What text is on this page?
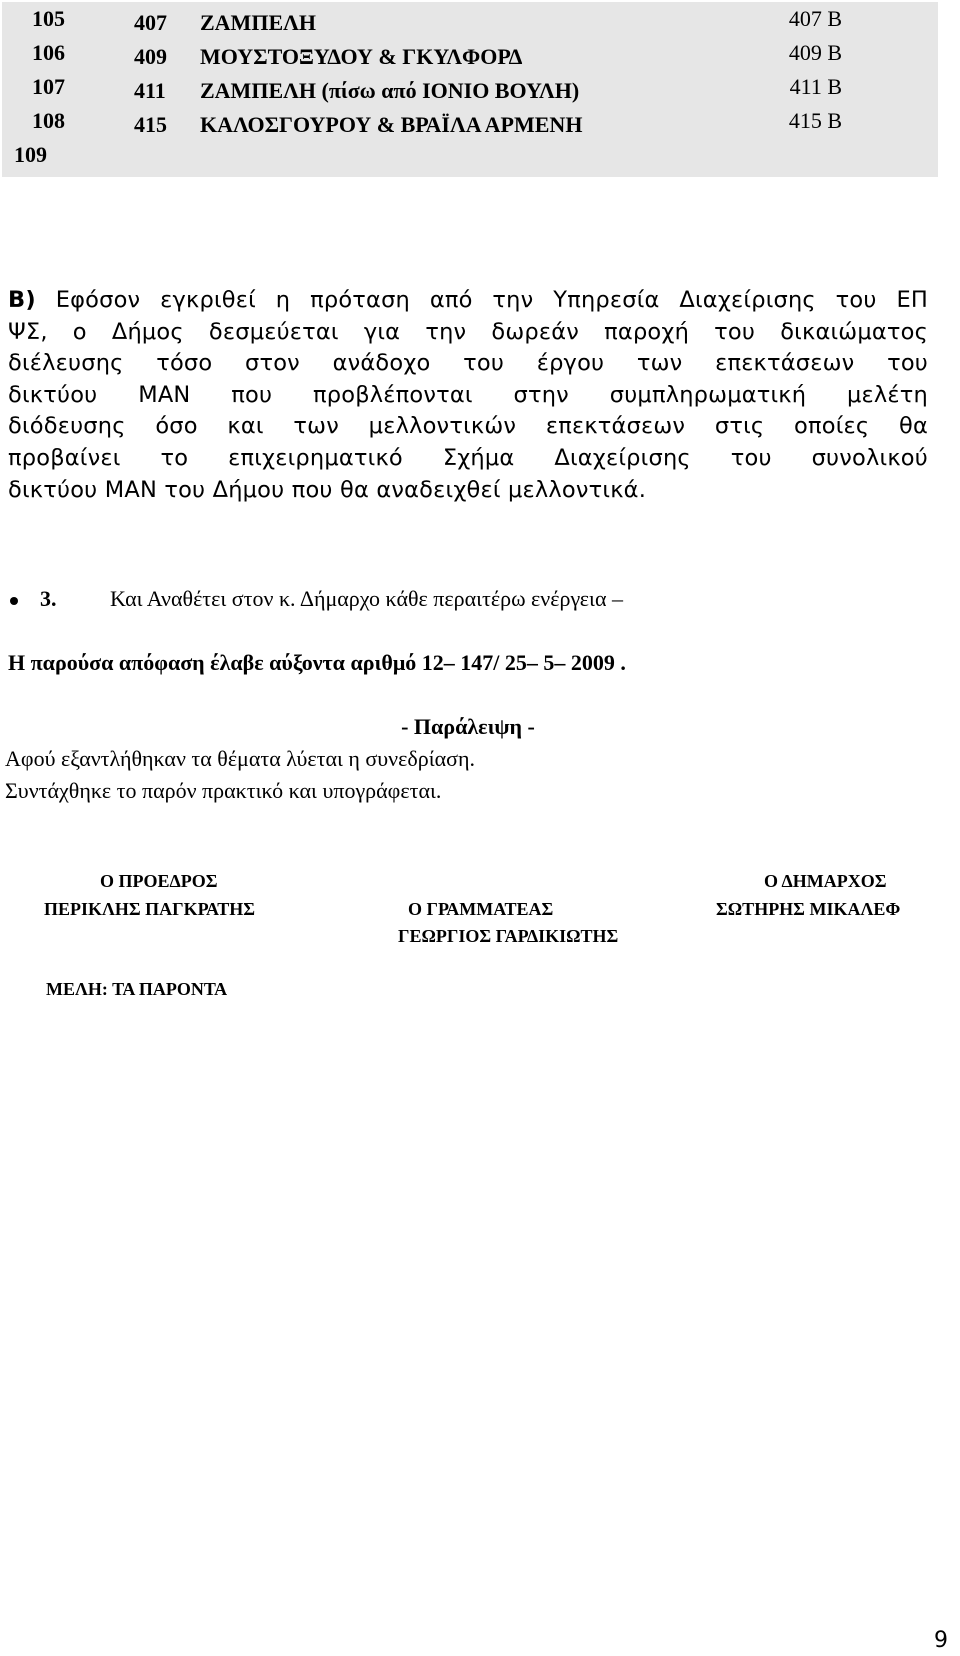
105	407 ΖΑΜΠΕΛΗ	407 Β
106	409 ΜΟΥΣΤΟΞΥΔΟΥ & ΓΚΥΛΦΟΡΔ	409 Β
107	411 ΖΑΜΠΕΛΗ (πίσω από ΙΟΝΙΟ ΒΟΥΛΗ)	411 Β
108	415 ΚΑΛΟΣΓΟΥΡΟΥ & ΒΡΑΪΛΑ ΑΡΜΕΝΗ	415 Β
109
Β) Εφόσον εγκριθεί η πρόταση από την Υπηρεσία Διαχείρισης του ΕΠ
ΨΣ, ο Δήμος δεσμεύεται για την δωρεάν παροχή του δικαιώματος
διέλευσης τόσο στον ανάδοχο του έργου των επεκτάσεων του
δικτύου MAN που προβλέπονται στην συμπληρωματική μελέτη
διόδευσης όσο και των μελλοντικών επεκτάσεων στις οποίες θα
προβαίνει το επιχειρηματικό Σχήμα Διαχείρισης του συνολικού
δικτύου MAN του Δήμου που θα αναδειχθεί μελλοντικά.
3. Και Αναθέτει στον κ. Δήμαρχο κάθε περαιτέρω ενέργεια –
Η παρούσα απόφαση έλαβε αύξοντα αριθμό 12– 147/ 25– 5– 2009 .
- Παράλειψη -
Αφού εξαντλήθηκαν τα θέματα λύεται η συνεδρίαση.
Συντάχθηκε το παρόν πρακτικό και υπογράφεται.
Ο ΠΡΟΕΔΡΟΣ
ΠΕΡΙΚΛΗΣ ΠΑΓΚΡΑΤΗΣ	Ο ΓΡΑΜΜΑΤΕΑΣ
ΓΕΩΡΓΙΟΣ ΓΑΡΔΙΚΙΩΤΗΣ
Ο ΔΗΜΑΡΧΟΣ
ΣΩΤΗΡΗΣ ΜΙΚΑΛΕΦ
ΜΕΛΗ: ΤΑ ΠΑΡΟΝΤΑ
9
